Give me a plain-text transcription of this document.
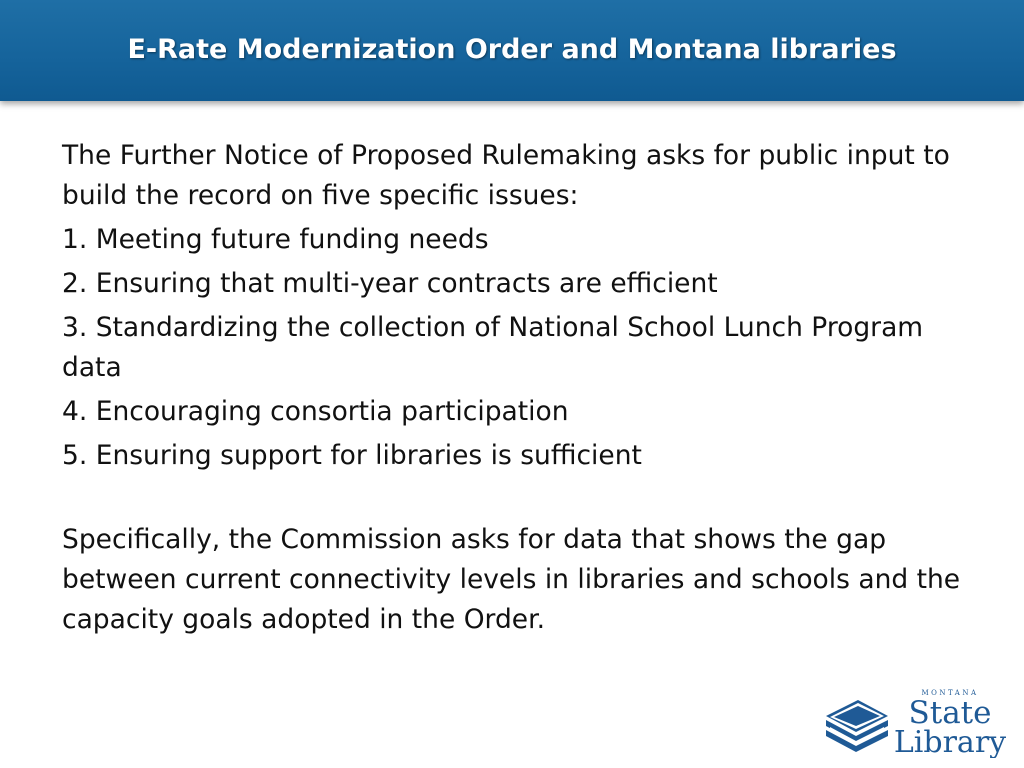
E-Rate Modernization Order and Montana libraries

The Further Notice of Proposed Rulemaking asks for public input to build the record on five specific issues:

1. Meeting future funding needs

2. Ensuring that multi-year contracts are efficient

3. Standardizing the collection of National School Lunch Program data

4. Encouraging consortia participation

5. Ensuring support for libraries is sufficient

Specifically, the Commission asks for data that shows the gap between current connectivity levels in libraries and schools and the capacity goals adopted in the Order.

MONTANA
State
Library
